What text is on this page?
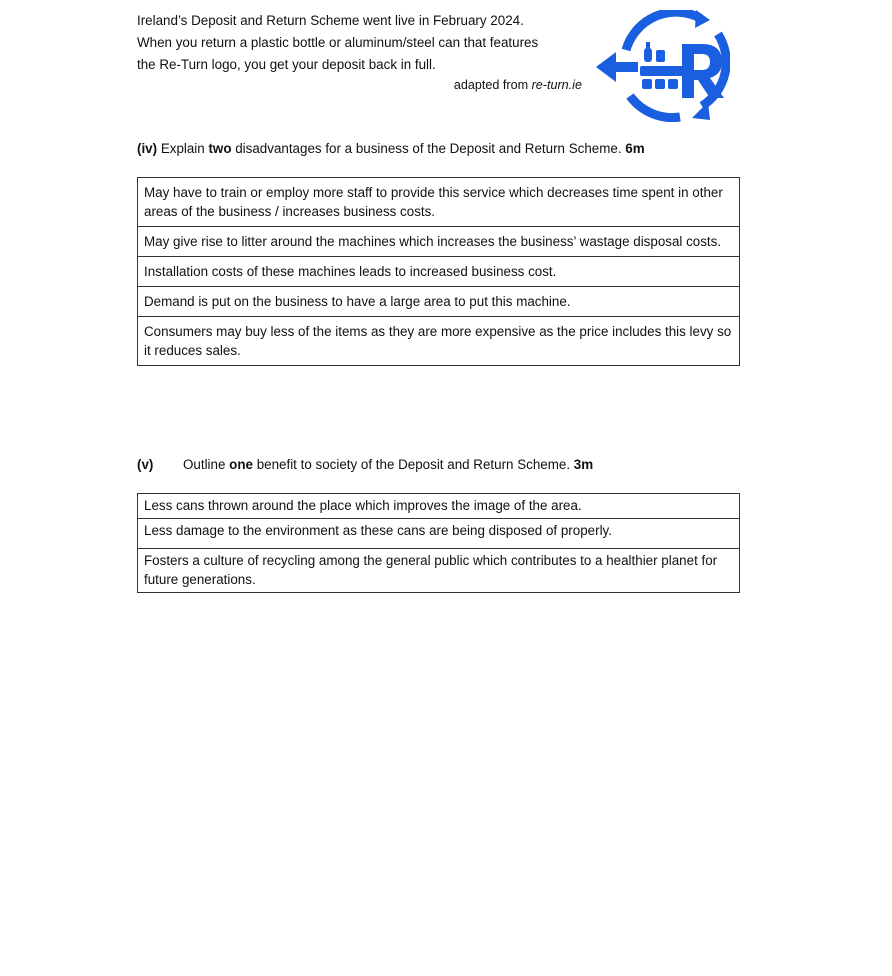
Ireland’s Deposit and Return Scheme went live in February 2024.

When you return a plastic bottle or aluminum/steel can that features

the Re-Turn logo, you get your deposit back in full.

adapted from re-turn.ie
(iv) Explain two disadvantages for a business of the Deposit and Return Scheme. 6m
May have to train or employ more staff to provide this service which decreases time spent in other areas of the business / increases business costs.
May give rise to litter around the machines which increases the business’ wastage disposal costs.
Installation costs of these machines leads to increased business cost.
Demand is put on the business to have a large area to put this machine.
Consumers may buy less of the items as they are more expensive as the price includes this levy so it reduces sales.
(v) Outline one benefit to society of the Deposit and Return Scheme. 3m
Less cans thrown around the place which improves the image of the area.
Less damage to the environment as these cans are being disposed of properly.
Fosters a culture of recycling among the general public which contributes to a healthier planet for future generations.
